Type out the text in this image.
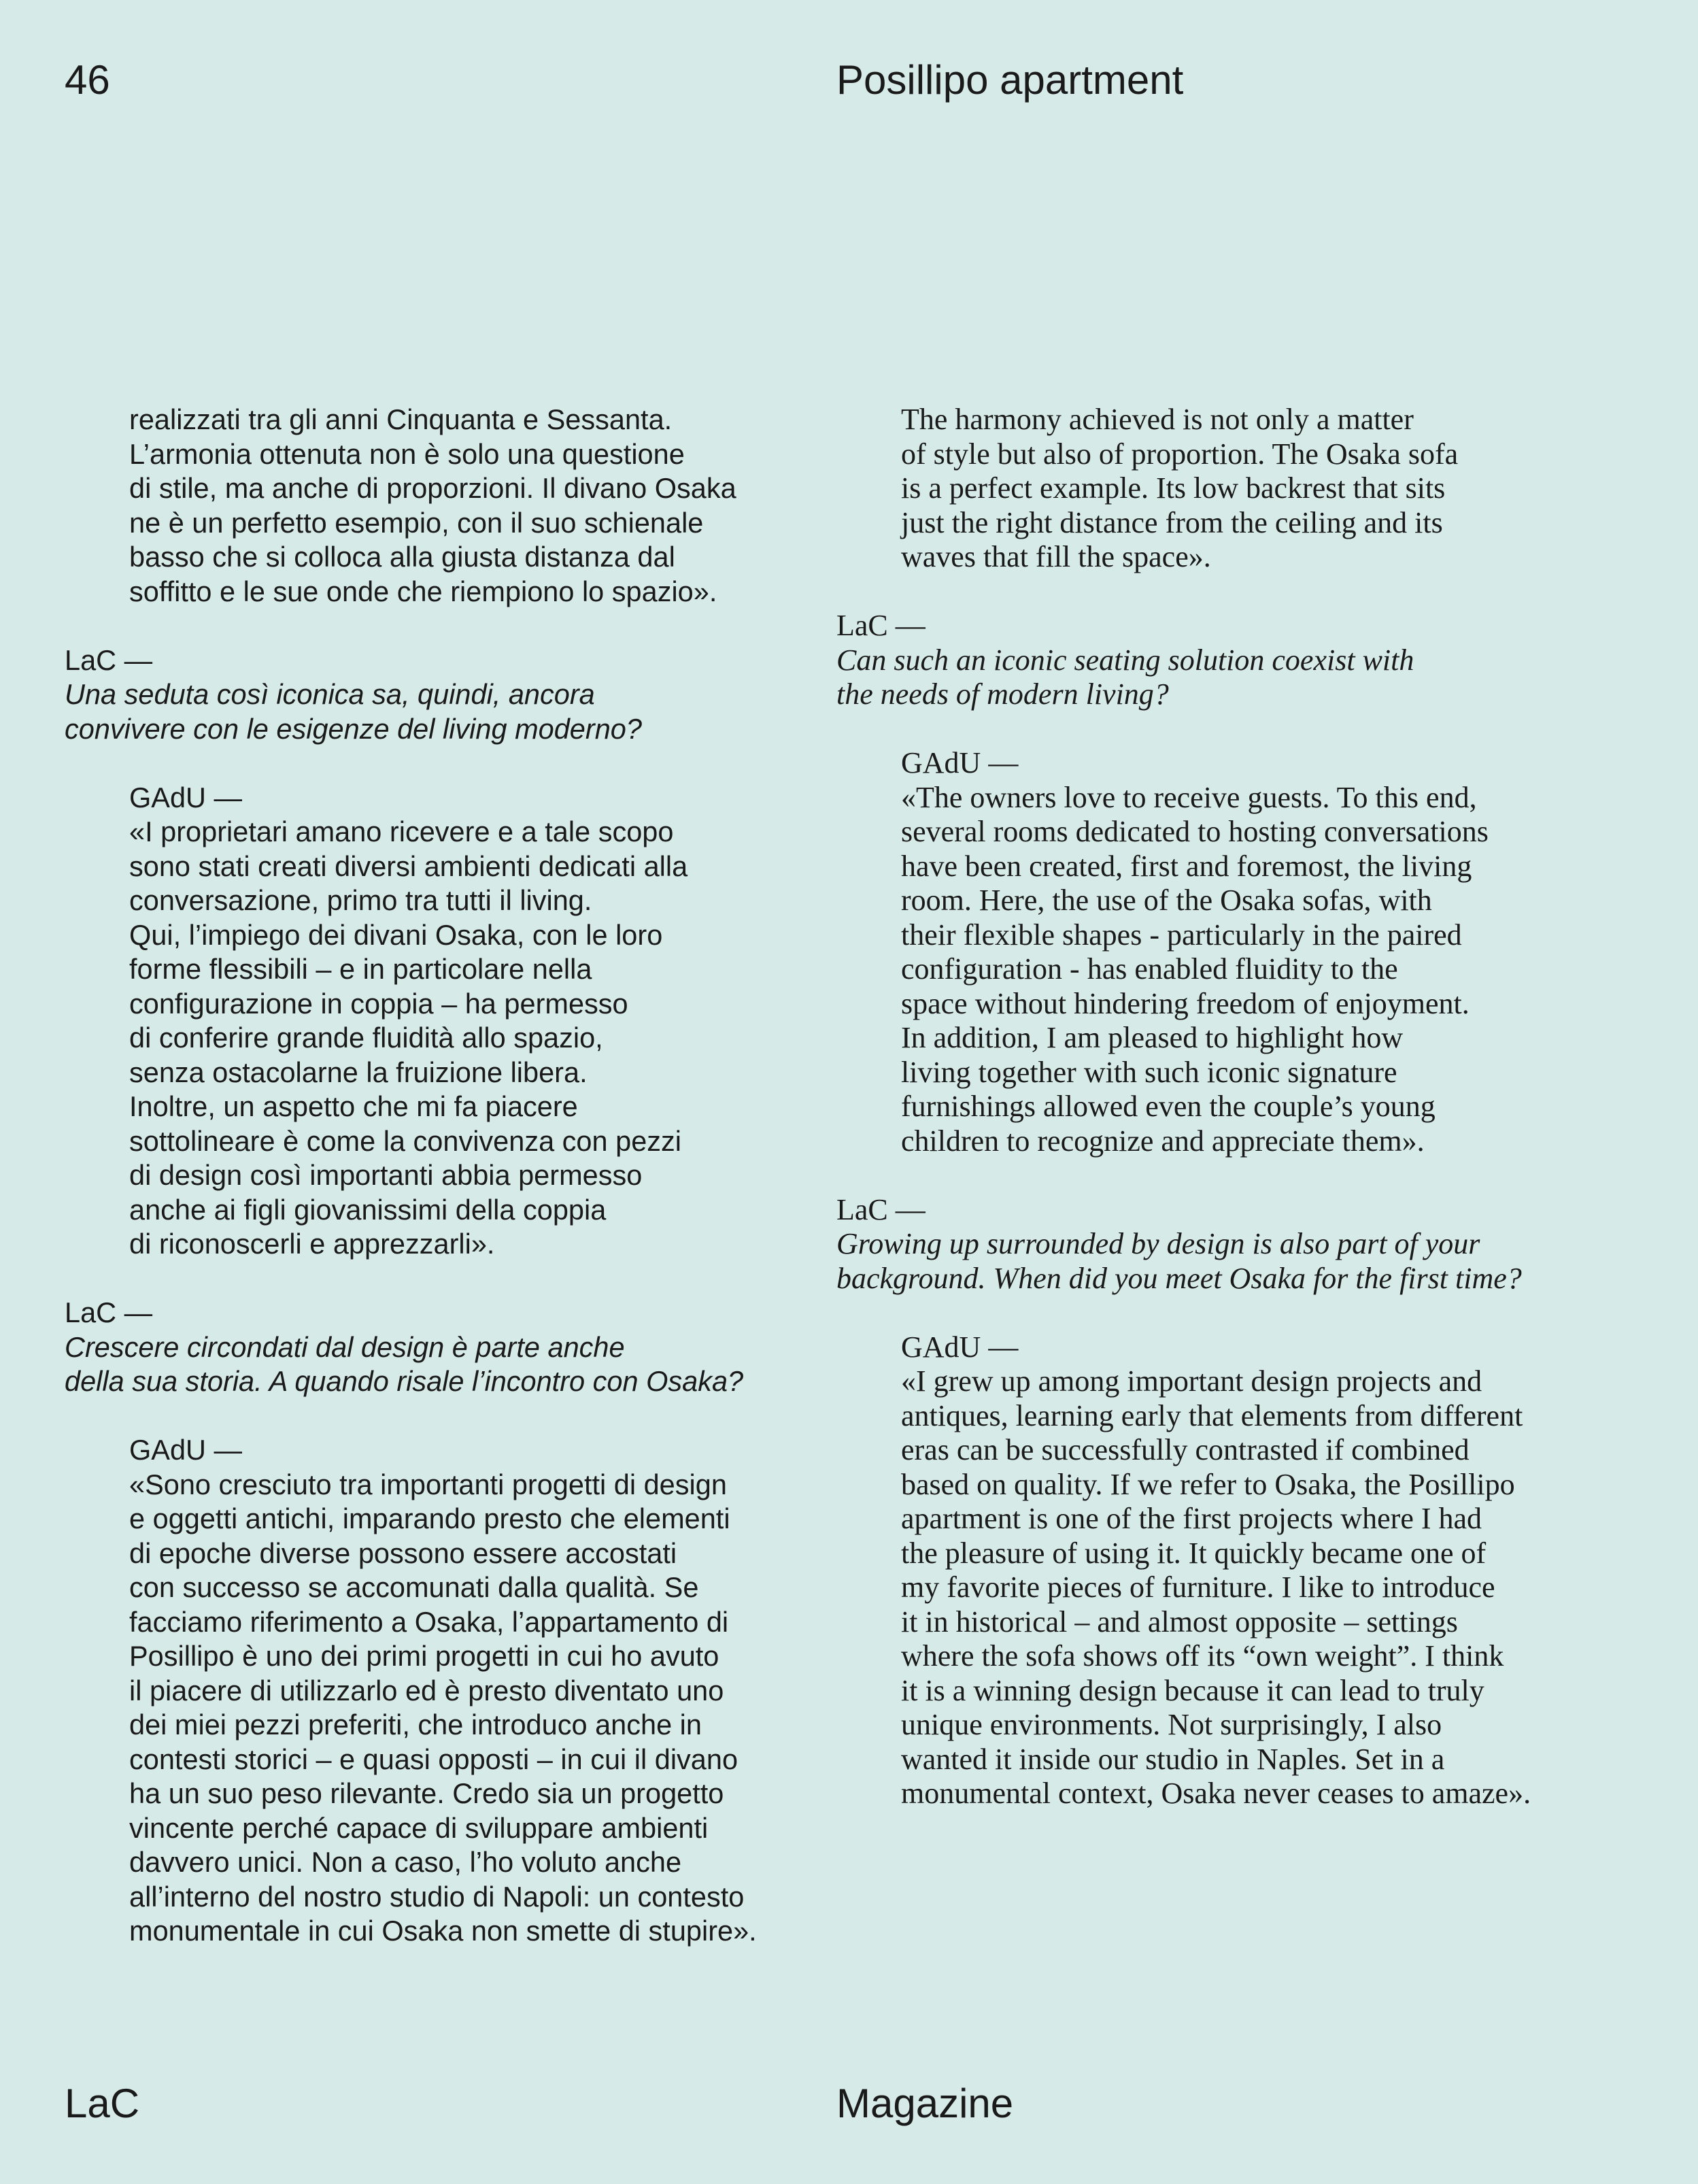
46	Posillipo apartment

realizzati tra gli anni Cinquanta e Sessanta.
L’armonia ottenuta non è solo una questione
di stile, ma anche di proporzioni. Il divano Osaka
ne è un perfetto esempio, con il suo schienale
basso che si colloca alla giusta distanza dal
soffitto e le sue onde che riempiono lo spazio».

LaC —

Una seduta così iconica sa, quindi, ancora
convivere con le esigenze del living moderno?

GAdU —

«I proprietari amano ricevere e a tale scopo
sono stati creati diversi ambienti dedicati alla
conversazione, primo tra tutti il living.
Qui, l’impiego dei divani Osaka, con le loro
forme flessibili – e in particolare nella
configurazione in coppia – ha permesso
di conferire grande fluidità allo spazio,
senza ostacolarne la fruizione libera.
Inoltre, un aspetto che mi fa piacere
sottolineare è come la convivenza con pezzi
di design così importanti abbia permesso
anche ai figli giovanissimi della coppia
di riconoscerli e apprezzarli».

LaC —

Crescere circondati dal design è parte anche
della sua storia. A quando risale l’incontro con Osaka?

GAdU —

«Sono cresciuto tra importanti progetti di design
e oggetti antichi, imparando presto che elementi
di epoche diverse possono essere accostati
con successo se accomunati dalla qualità. Se
facciamo riferimento a Osaka, l’appartamento di
Posillipo è uno dei primi progetti in cui ho avuto
il piacere di utilizzarlo ed è presto diventato uno
dei miei pezzi preferiti, che introduco anche in
contesti storici – e quasi opposti – in cui il divano
ha un suo peso rilevante. Credo sia un progetto
vincente perché capace di sviluppare ambienti
davvero unici. Non a caso, l’ho voluto anche
all’interno del nostro studio di Napoli: un contesto
monumentale in cui Osaka non smette di stupire».

The harmony achieved is not only a matter
of style but also of proportion. The Osaka sofa
is a perfect example. Its low backrest that sits
just the right distance from the ceiling and its
waves that fill the space».

LaC —

Can such an iconic seating solution coexist with
the needs of modern living?

GAdU —

«The owners love to receive guests. To this end,
several rooms dedicated to hosting conversations
have been created, first and foremost, the living
room. Here, the use of the Osaka sofas, with
their flexible shapes - particularly in the paired
configuration - has enabled fluidity to the
space without hindering freedom of enjoyment.
In addition, I am pleased to highlight how
living together with such iconic signature
furnishings allowed even the couple’s young
children to recognize and appreciate them».

LaC —

Growing up surrounded by design is also part of your
background. When did you meet Osaka for the first time?

GAdU —

«I grew up among important design projects and
antiques, learning early that elements from different
eras can be successfully contrasted if combined
based on quality. If we refer to Osaka, the Posillipo
apartment is one of the first projects where I had
the pleasure of using it. It quickly became one of
my favorite pieces of furniture. I like to introduce
it in historical – and almost opposite – settings
where the sofa shows off its “own weight”. I think
it is a winning design because it can lead to truly
unique environments. Not surprisingly, I also
wanted it inside our studio in Naples. Set in a
monumental context, Osaka never ceases to amaze».

LaC	Magazine
